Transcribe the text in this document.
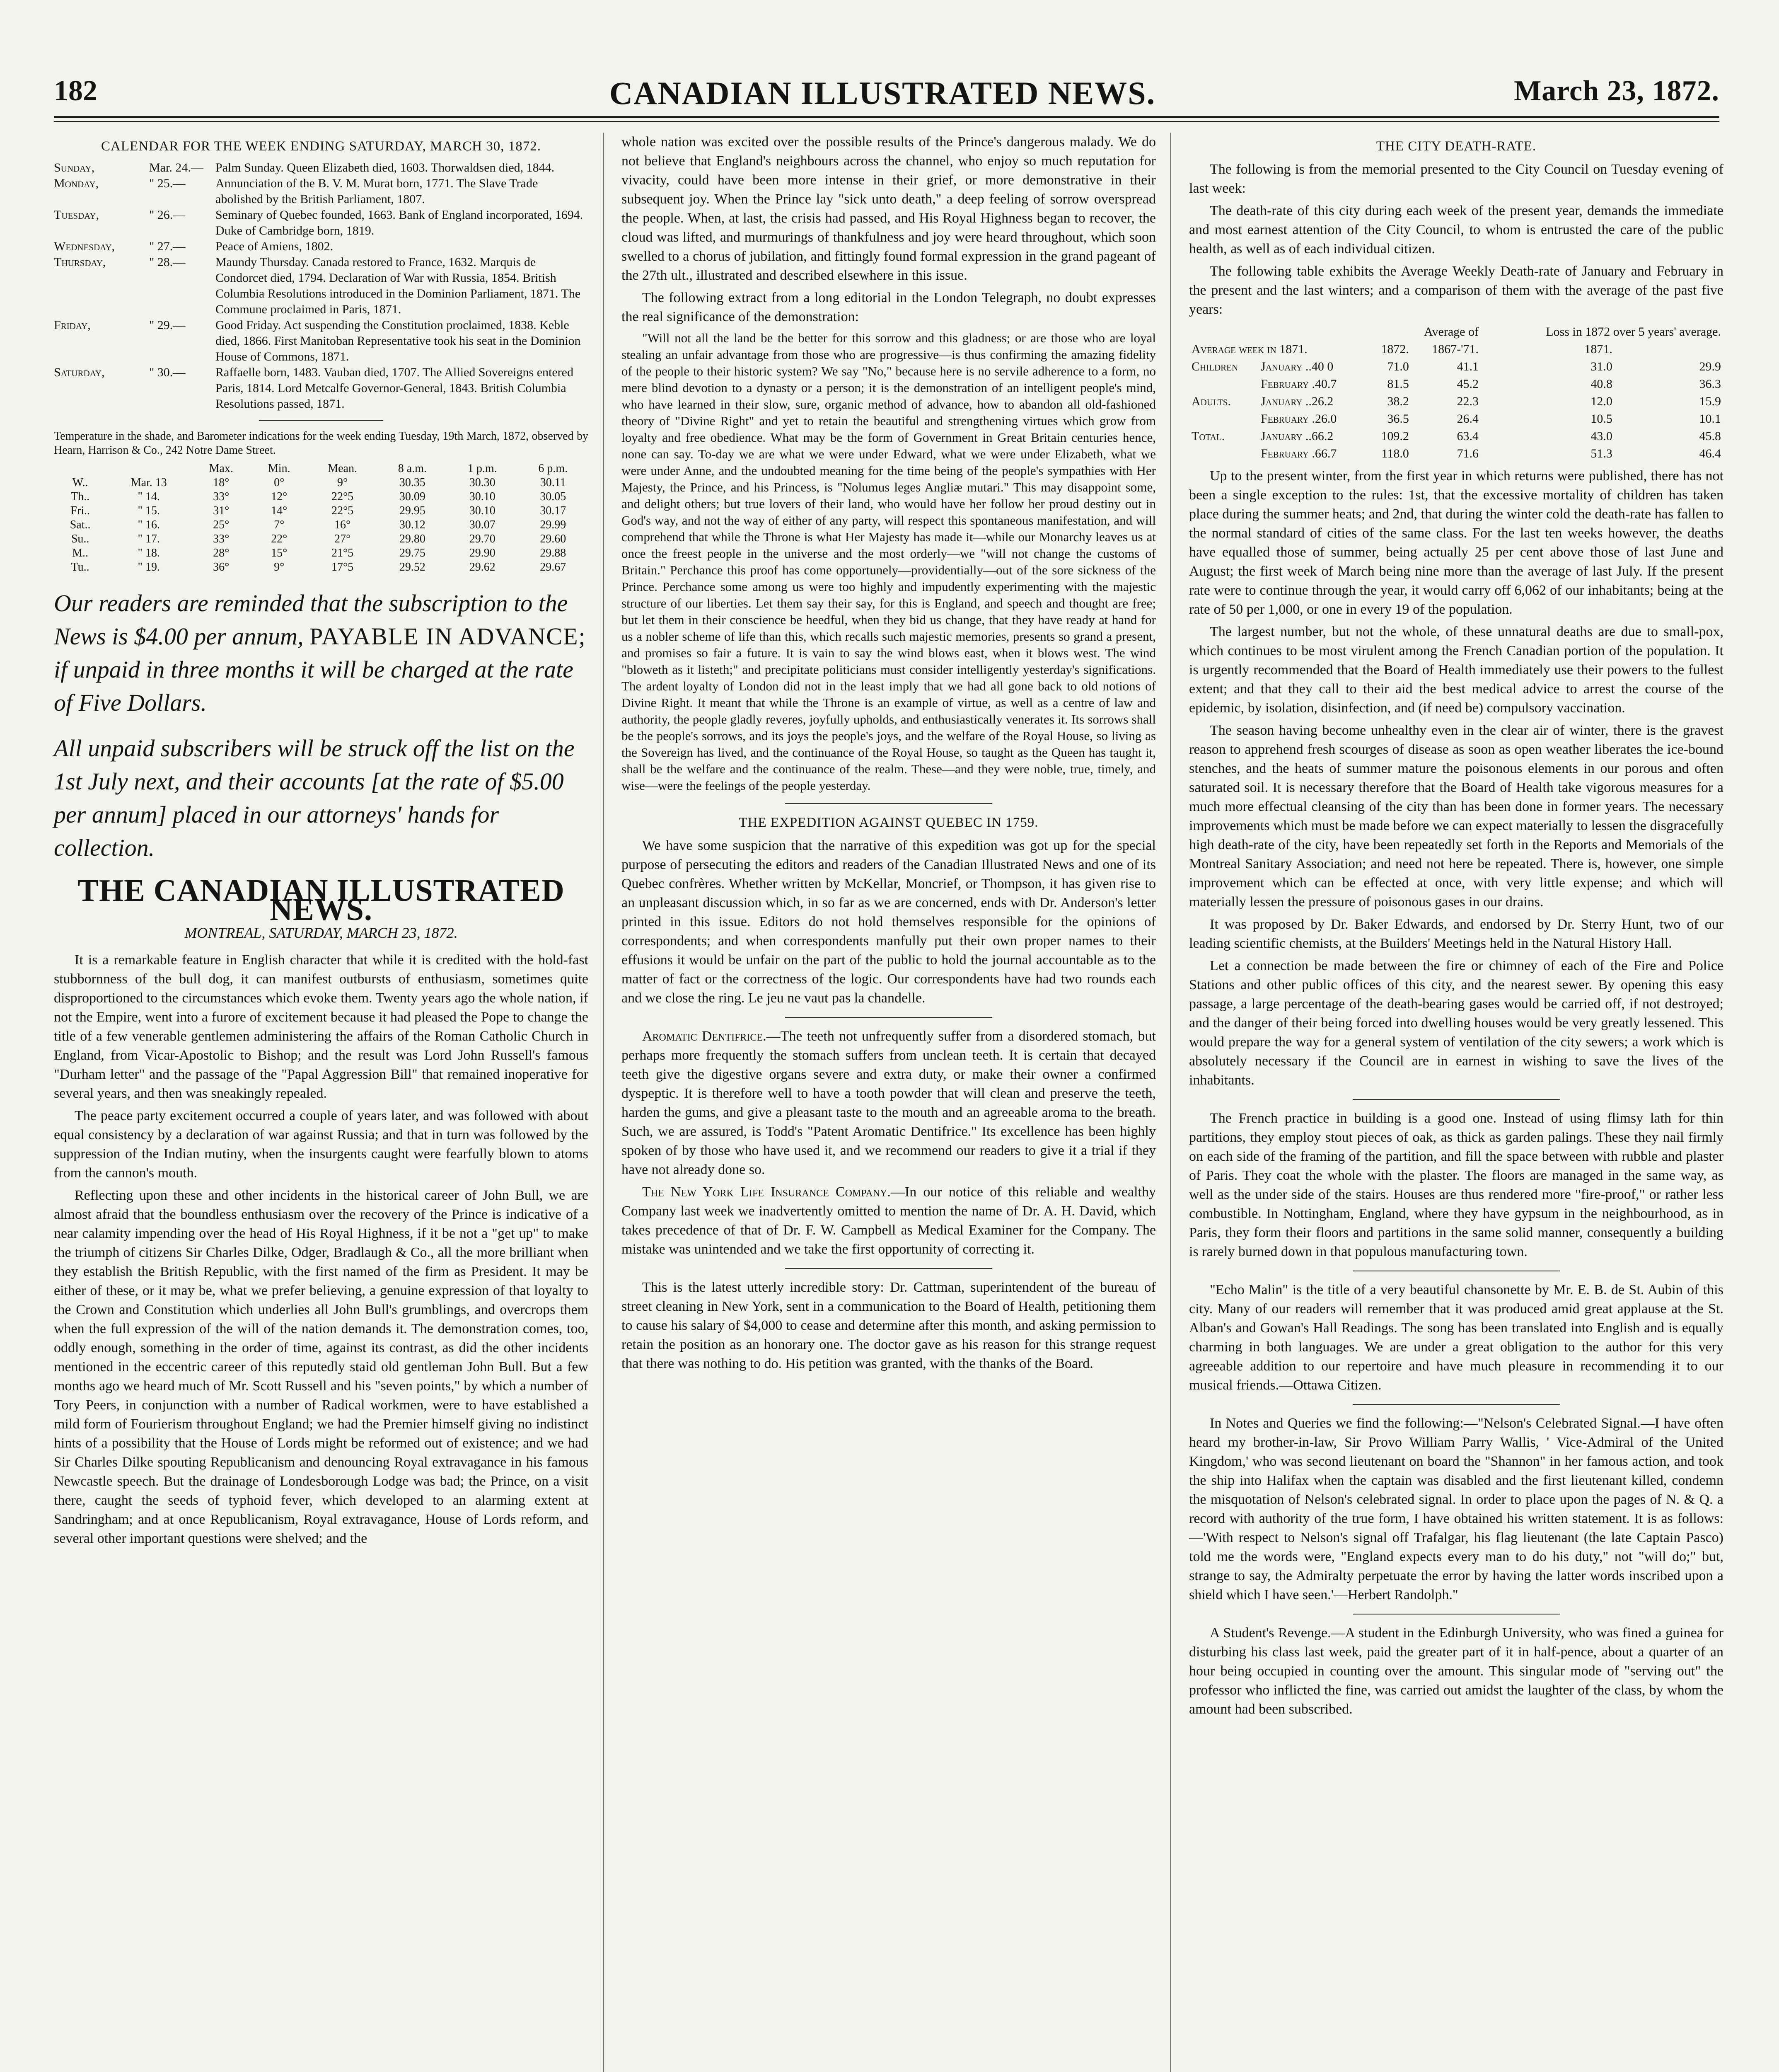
182	CANADIAN ILLUSTRATED NEWS.	March 23, 1872.
CALENDAR FOR THE WEEK ENDING SATURDAY, MARCH 30, 1872.
Sunday,	Mar. 24.— Palm Sunday. Queen Elizabeth died, 1603. Thorwaldsen died, 1844.
Monday,	" 25.—	Annunciation of the B. V. M. Murat born, 1771. The Slave Trade abolished by the British Parliament, 1807.
Tuesday,	" 26.—	Seminary of Quebec founded, 1663. Bank of England incorporated, 1694. Duke of Cambridge born, 1819.
Wednesday,	" 27.—	Peace of Amiens, 1802.
Thursday,	" 28.—	Maundy Thursday. Canada restored to France, 1632. Marquis de Condorcet died, 1794. Declaration of War with Russia, 1854. British Columbia Resolutions introduced in the Dominion Parliament, 1871. The Commune proclaimed in Paris, 1871.
Friday,	" 29.—	Good Friday. Act suspending the Constitution proclaimed, 1838. Keble died, 1866. First Manitoban Representative took his seat in the Dominion House of Commons, 1871.
Saturday,	" 30.—	Raffaelle born, 1483. Vauban died, 1707. The Allied Sovereigns entered Paris, 1814. Lord Metcalfe Governor-General, 1843. British Columbia Resolutions passed, 1871.

Temperature in the shade, and Barometer indications for the week ending Tuesday, 19th March, 1872, observed by Hearn, Harrison & Co., 242 Notre Dame Street.

		Max.	Min.	Mean.	8 a.m.	1 p.m.	6 p.m.
W..	Mar. 13	18°	0°	9°	30.35	30.30	30.11
Th..	" 14.	33°	12°	22°5	30.09	30.10	30.05
Fri..	" 15.	31°	14°	22°5	29.95	30.10	30.17
Sat..	" 16.	25°	7°	16°	30.12	30.07	29.99
Su..	" 17.	33°	22°	27°	29.80	29.70	29.60
M..	" 18.	28°	15°	21°5	29.75	29.90	29.88
Tu..	" 19.	36°	9°	17°5	29.52	29.62	29.67
Our readers are reminded that the subscription to the News is $4.00 per annum, PAYABLE IN ADVANCE; if unpaid in three months it will be charged at the rate of Five Dollars.
All unpaid subscribers will be struck off the list on the 1st July next, and their accounts [at the rate of $5.00 per annum] placed in our attorneys' hands for collection.
THE CANADIAN ILLUSTRATED NEWS.
MONTREAL, SATURDAY, MARCH 23, 1872.

It is a remarkable feature in English character that while it is credited with the hold-fast stubbornness of the bull dog, it can manifest outbursts of enthusiasm, sometimes quite disproportioned to the circumstances which evoke them. Twenty years ago the whole nation, if not the Empire, went into a furore of excitement because it had pleased the Pope to change the title of a few venerable gentlemen administering the affairs of the Roman Catholic Church in England, from Vicar-Apostolic to Bishop; and the result was Lord John Russell's famous "Durham letter" and the passage of the "Papal Aggression Bill" that remained inoperative for several years, and then was sneakingly repealed.

The peace party excitement occurred a couple of years later, and was followed with about equal consistency by a declaration of war against Russia; and that in turn was followed by the suppression of the Indian mutiny, when the insurgents caught were fearfully blown to atoms from the cannon's mouth.

Reflecting upon these and other incidents in the historical career of John Bull, we are almost afraid that the boundless enthusiasm over the recovery of the Prince is indicative of a near calamity impending over the head of His Royal Highness, if it be not a "get up" to make the triumph of citizens Sir Charles Dilke, Odger, Bradlaugh & Co., all the more brilliant when they establish the British Republic, with the first named of the firm as President. It may be either of these, or it may be, what we prefer believing, a genuine expression of that loyalty to the Crown and Constitution which underlies all John Bull's grumblings, and overcrops them when the full expression of the will of the nation demands it. The demonstration comes, too, oddly enough, something in the order of time, against its contrast, as did the other incidents mentioned in the eccentric career of this reputedly staid old gentleman John Bull. But a few months ago we heard much of Mr. Scott Russell and his "seven points," by which a number of Tory Peers, in conjunction with a number of Radical workmen, were to have established a mild form of Fourierism throughout England; we had the Premier himself giving no indistinct hints of a possibility that the House of Lords might be reformed out of existence; and we had Sir Charles Dilke spouting Republicanism and denouncing Royal extravagance in his famous Newcastle speech. But the drainage of Londesborough Lodge was bad; the Prince, on a visit there, caught the seeds of typhoid fever, which developed to an alarming extent at Sandringham; and at once Republicanism, Royal extravagance, House of Lords reform, and several other important questions were shelved; and the

whole nation was excited over the possible results of the Prince's dangerous malady. We do not believe that England's neighbours across the channel, who enjoy so much reputation for vivacity, could have been more intense in their grief, or more demonstrative in their subsequent joy. When the Prince lay "sick unto death," a deep feeling of sorrow overspread the people. When, at last, the crisis had passed, and His Royal Highness began to recover, the cloud was lifted, and murmurings of thankfulness and joy were heard throughout, which soon swelled to a chorus of jubilation, and fittingly found formal expression in the grand pageant of the 27th ult., illustrated and described elsewhere in this issue.

The following extract from a long editorial in the London Telegraph, no doubt expresses the real significance of the demonstration:

"Will not all the land be the better for this sorrow and this gladness; or are those who are loyal stealing an unfair advantage from those who are progressive—is thus confirming the amazing fidelity of the people to their historic system? We say "No," because here is no servile adherence to a form, no mere blind devotion to a dynasty or a person; it is the demonstration of an intelligent people's mind, who have learned in their slow, sure, organic method of advance, how to abandon all old-fashioned theory of "Divine Right" and yet to retain the beautiful and strengthening virtues which grow from loyalty and free obedience. What may be the form of Government in Great Britain centuries hence, none can say. To-day we are what we were under Edward, what we were under Elizabeth, what we were under Anne, and the undoubted meaning for the time being of the people's sympathies with Her Majesty, the Prince, and his Princess, is "Nolumus leges Angliæ mutari." This may disappoint some, and delight others; but true lovers of their land, who would have her follow her proud destiny out in God's way, and not the way of either of any party, will respect this spontaneous manifestation, and will comprehend that while the Throne is what Her Majesty has made it—while our Monarchy leaves us at once the freest people in the universe and the most orderly—we "will not change the customs of Britain." Perchance this proof has come opportunely—providentially—out of the sore sickness of the Prince. Perchance some among us were too highly and impudently experimenting with the majestic structure of our liberties. Let them say their say, for this is England, and speech and thought are free; but let them in their conscience be heedful, when they bid us change, that they have ready at hand for us a nobler scheme of life than this, which recalls such majestic memories, presents so grand a present, and promises so fair a future. It is vain to say the wind blows east, when it blows west. The wind "bloweth as it listeth;" and precipitate politicians must consider intelligently yesterday's significations. The ardent loyalty of London did not in the least imply that we had all gone back to old notions of Divine Right. It meant that while the Throne is an example of virtue, as well as a centre of law and authority, the people gladly reveres, joyfully upholds, and enthusiastically venerates it. Its sorrows shall be the people's sorrows, and its joys the people's joys, and the welfare of the Royal House, so living as the Sovereign has lived, and the continuance of the Royal House, so taught as the Queen has taught it, shall be the welfare and the continuance of the realm. These—and they were noble, true, timely, and wise—were the feelings of the people yesterday.

THE EXPEDITION AGAINST QUEBEC IN 1759.

We have some suspicion that the narrative of this expedition was got up for the special purpose of persecuting the editors and readers of the Canadian Illustrated News and one of its Quebec confrères. Whether written by McKellar, Moncrief, or Thompson, it has given rise to an unpleasant discussion which, in so far as we are concerned, ends with Dr. Anderson's letter printed in this issue. Editors do not hold themselves responsible for the opinions of correspondents; and when correspondents manfully put their own proper names to their effusions it would be unfair on the part of the public to hold the journal accountable as to the matter of fact or the correctness of the logic. Our correspondents have had two rounds each and we close the ring. Le jeu ne vaut pas la chandelle.

Aromatic Dentifrice.—The teeth not unfrequently suffer from a disordered stomach, but perhaps more frequently the stomach suffers from unclean teeth. It is certain that decayed teeth give the digestive organs severe and extra duty, or make their owner a confirmed dyspeptic. It is therefore well to have a tooth powder that will clean and preserve the teeth, harden the gums, and give a pleasant taste to the mouth and an agreeable aroma to the breath. Such, we are assured, is Todd's "Patent Aromatic Dentifrice." Its excellence has been highly spoken of by those who have used it, and we recommend our readers to give it a trial if they have not already done so.

The New York Life Insurance Company.—In our notice of this reliable and wealthy Company last week we inadvertently omitted to mention the name of Dr. A. H. David, which takes precedence of that of Dr. F. W. Campbell as Medical Examiner for the Company. The mistake was unintended and we take the first opportunity of correcting it.

This is the latest utterly incredible story: Dr. Cattman, superintendent of the bureau of street cleaning in New York, sent in a communication to the Board of Health, petitioning them to cause his salary of $4,000 to cease and determine after this month, and asking permission to retain the position as an honorary one. The doctor gave as his reason for this strange request that there was nothing to do. His petition was granted, with the thanks of the Board.

THE CITY DEATH-RATE.

The following is from the memorial presented to the City Council on Tuesday evening of last week:

The death-rate of this city during each week of the present year, demands the immediate and most earnest attention of the City Council, to whom is entrusted the care of the public health, as well as of each individual citizen.

The following table exhibits the Average Weekly Death-rate of January and February in the present and the last winters; and a comparison of them with the average of the past five years:

Average of				Loss in 1872 over 5 years' average.	
Average week in 1871.		1872.	1867-'71.	1871.	
Children	January ..40 0	71.0	41.1	31.0	29.9
	February .40.7	81.5	45.2	40.8	36.3
Adults.	January ..26.2	38.2	22.3	12.0	15.9
	February .26.0	36.5	26.4	10.5	10.1
Total.	January ..66.2	109.2	63.4	43.0	45.8
	February .66.7	118.0	71.6	51.3	46.4

Up to the present winter, from the first year in which returns were published, there has not been a single exception to the rules: 1st, that the excessive mortality of children has taken place during the summer heats; and 2nd, that during the winter cold the death-rate has fallen to the normal standard of cities of the same class. For the last ten weeks however, the deaths have equalled those of summer, being actually 25 per cent above those of last June and August; the first week of March being nine more than the average of last July. If the present rate were to continue through the year, it would carry off 6,062 of our inhabitants; being at the rate of 50 per 1,000, or one in every 19 of the population.

The largest number, but not the whole, of these unnatural deaths are due to small-pox, which continues to be most virulent among the French Canadian portion of the population. It is urgently recommended that the Board of Health immediately use their powers to the fullest extent; and that they call to their aid the best medical advice to arrest the course of the epidemic, by isolation, disinfection, and (if need be) compulsory vaccination.

The season having become unhealthy even in the clear air of winter, there is the gravest reason to apprehend fresh scourges of disease as soon as open weather liberates the ice-bound stenches, and the heats of summer mature the poisonous elements in our porous and often saturated soil. It is necessary therefore that the Board of Health take vigorous measures for a much more effectual cleansing of the city than has been done in former years. The necessary improvements which must be made before we can expect materially to lessen the disgracefully high death-rate of the city, have been repeatedly set forth in the Reports and Memorials of the Montreal Sanitary Association; and need not here be repeated. There is, however, one simple improvement which can be effected at once, with very little expense; and which will materially lessen the pressure of poisonous gases in our drains.

It was proposed by Dr. Baker Edwards, and endorsed by Dr. Sterry Hunt, two of our leading scientific chemists, at the Builders' Meetings held in the Natural History Hall.

Let a connection be made between the fire or chimney of each of the Fire and Police Stations and other public offices of this city, and the nearest sewer. By opening this easy passage, a large percentage of the death-bearing gases would be carried off, if not destroyed; and the danger of their being forced into dwelling houses would be very greatly lessened. This would prepare the way for a general system of ventilation of the city sewers; a work which is absolutely necessary if the Council are in earnest in wishing to save the lives of the inhabitants.

The French practice in building is a good one. Instead of using flimsy lath for thin partitions, they employ stout pieces of oak, as thick as garden palings. These they nail firmly on each side of the framing of the partition, and fill the space between with rubble and plaster of Paris. They coat the whole with the plaster. The floors are managed in the same way, as well as the under side of the stairs. Houses are thus rendered more "fire-proof," or rather less combustible. In Nottingham, England, where they have gypsum in the neighbourhood, as in Paris, they form their floors and partitions in the same solid manner, consequently a building is rarely burned down in that populous manufacturing town.

"Echo Malin" is the title of a very beautiful chansonette by Mr. E. B. de St. Aubin of this city. Many of our readers will remember that it was produced amid great applause at the St. Alban's and Gowan's Hall Readings. The song has been translated into English and is equally charming in both languages. We are under a great obligation to the author for this very agreeable addition to our repertoire and have much pleasure in recommending it to our musical friends.—Ottawa Citizen.

In Notes and Queries we find the following:—"Nelson's Celebrated Signal.—I have often heard my brother-in-law, Sir Provo William Parry Wallis, ' Vice-Admiral of the United Kingdom,' who was second lieutenant on board the "Shannon" in her famous action, and took the ship into Halifax when the captain was disabled and the first lieutenant killed, condemn the misquotation of Nelson's celebrated signal. In order to place upon the pages of N. & Q. a record with authority of the true form, I have obtained his written statement. It is as follows:—'With respect to Nelson's signal off Trafalgar, his flag lieutenant (the late Captain Pasco) told me the words were, "England expects every man to do his duty," not "will do;" but, strange to say, the Admiralty perpetuate the error by having the latter words inscribed upon a shield which I have seen.'—Herbert Randolph."

A Student's Revenge.—A student in the Edinburgh University, who was fined a guinea for disturbing his class last week, paid the greater part of it in half-pence, about a quarter of an hour being occupied in counting over the amount. This singular mode of "serving out" the professor who inflicted the fine, was carried out amidst the laughter of the class, by whom the amount had been subscribed.
